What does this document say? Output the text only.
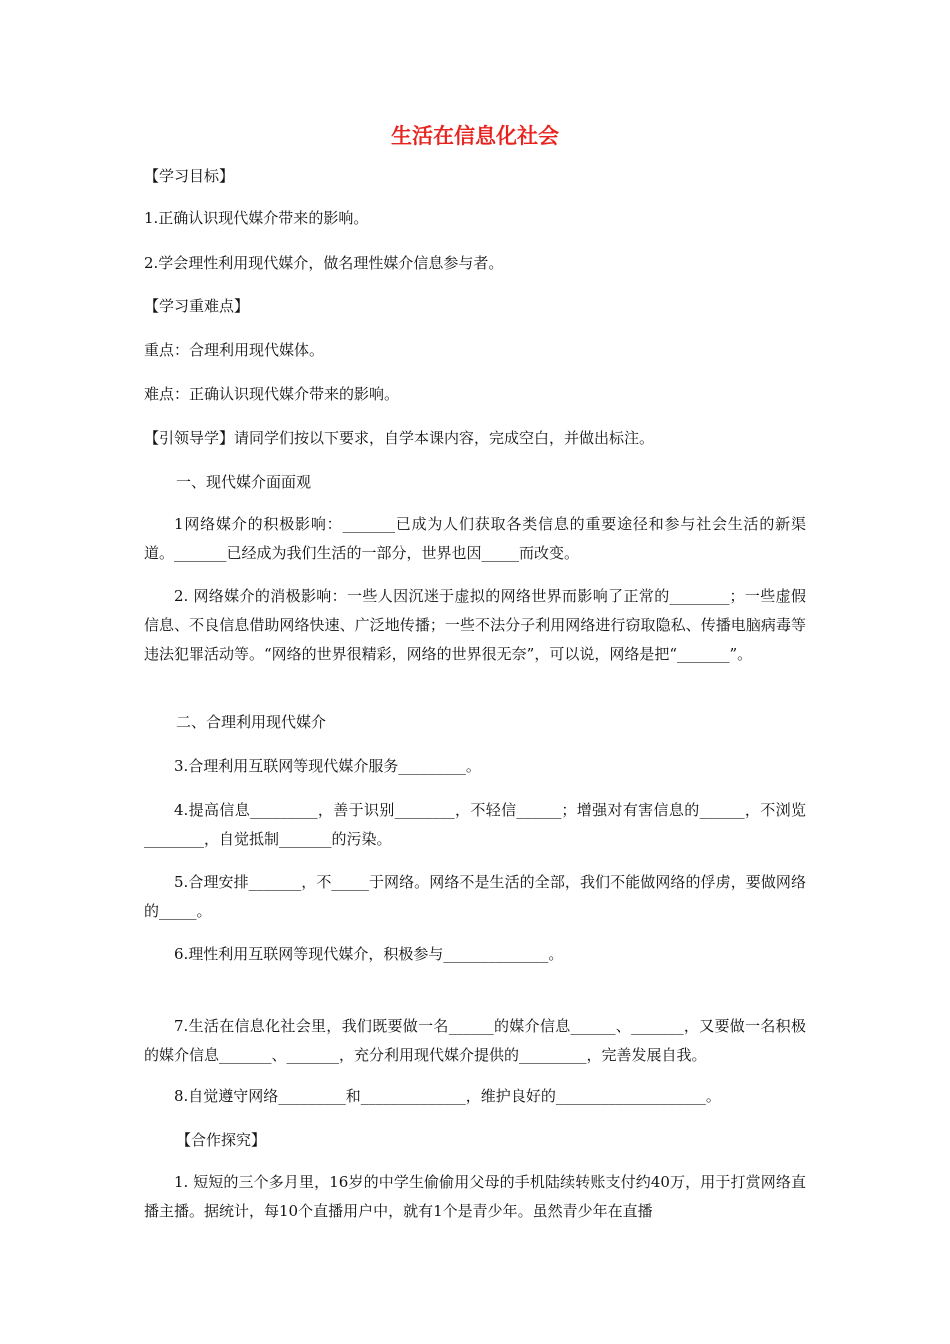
生活在信息化社会
【学习目标】
1.正确认识现代媒介带来的影响。
2.学会理性利用现代媒介，做名理性媒介信息参与者。
【学习重难点】
重点：合理利用现代媒体。
难点：正确认识现代媒介带来的影响。
【引领导学】请同学们按以下要求，自学本课内容，完成空白，并做出标注。
一、现代媒介面面观
1网络媒介的积极影响：_______已成为人们获取各类信息的重要途径和参与社会生活的新渠道。_______已经成为我们生活的一部分，世界也因_____而改变。
2. 网络媒介的消极影响：一些人因沉迷于虚拟的网络世界而影响了正常的________；一些虚假信息、不良信息借助网络快速、广泛地传播；一些不法分子利用网络进行窃取隐私、传播电脑病毒等违法犯罪活动等。“网络的世界很精彩，网络的世界很无奈”，可以说，网络是把“_______”。
二、合理利用现代媒介
3.合理利用互联网等现代媒介服务_________。
4.提高信息_________，善于识别________，不轻信______；增强对有害信息的______，不浏览________，自觉抵制_______的污染。
5.合理安排_______，不_____于网络。网络不是生活的全部，我们不能做网络的俘虏，要做网络的_____。
6.理性利用互联网等现代媒介，积极参与______________。
7.生活在信息化社会里，我们既要做一名______的媒介信息______、_______，又要做一名积极的媒介信息_______、_______，充分利用现代媒介提供的_________，完善发展自我。
8.自觉遵守网络_________和______________，维护良好的____________________。
【合作探究】
1. 短短的三个多月里，16岁的中学生偷偷用父母的手机陆续转账支付约40万，用于打赏网络直播主播。据统计，每10个直播用户中，就有1个是青少年。虽然青少年在直播
